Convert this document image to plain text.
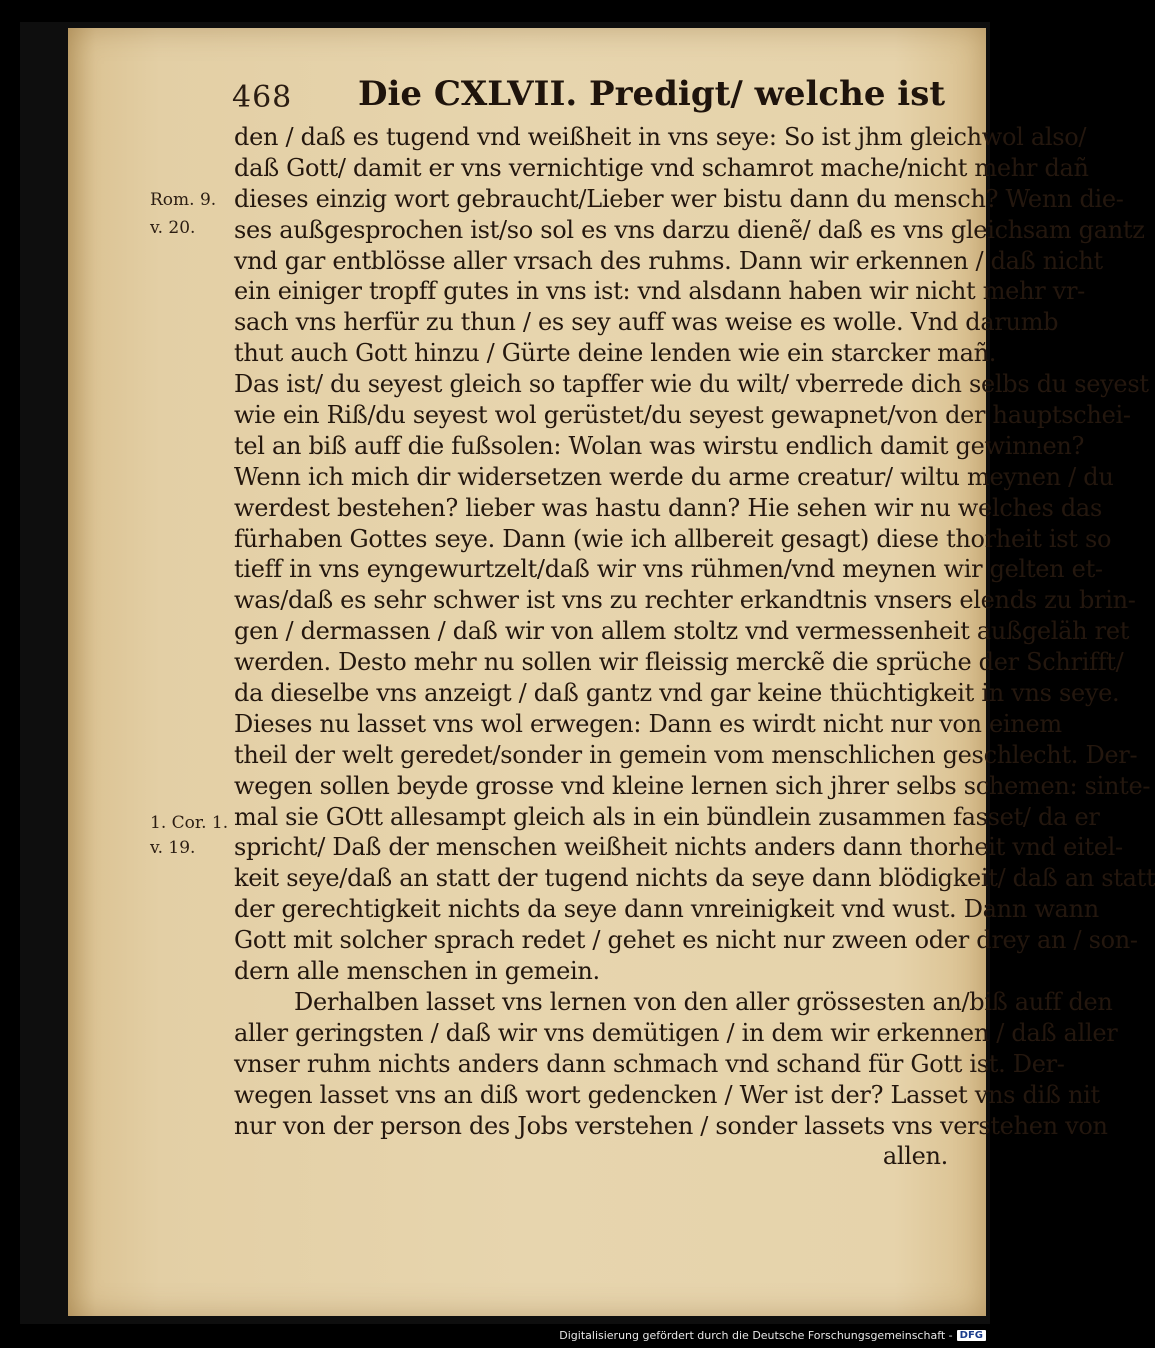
468 Die CXLVII. Predigt/ welche ist
Rom. 9.
v. 20.
1. Cor. 1.
v. 19.
den / daß es tugend vnd weißheit in vns seye: So ist jhm gleichwol also/
daß Gott/ damit er vns vernichtige vnd schamrot mache/nicht mehr dañ
dieses einzig wort gebraucht/Lieber wer bistu dann du mensch? Wenn die-
ses außgesprochen ist/so sol es vns darzu dienẽ/ daß es vns gleichsam gantz
vnd gar entblösse aller vrsach des ruhms. Dann wir erkennen / daß nicht
ein einiger tropff gutes in vns ist: vnd alsdann haben wir nicht mehr vr-
sach vns herfür zu thun / es sey auff was weise es wolle. Vnd darumb
thut auch Gott hinzu / Gürte deine lenden wie ein starcker mañ.
Das ist/ du seyest gleich so tapffer wie du wilt/ vberrede dich selbs du seyest
wie ein Riß/du seyest wol gerüstet/du seyest gewapnet/von der hauptschei-
tel an biß auff die fußsolen: Wolan was wirstu endlich damit gewinnen?
Wenn ich mich dir widersetzen werde du arme creatur/ wiltu meynen / du
werdest bestehen? lieber was hastu dann? Hie sehen wir nu welches das
fürhaben Gottes seye. Dann (wie ich allbereit gesagt) diese thorheit ist so
tieff in vns eyngewurtzelt/daß wir vns rühmen/vnd meynen wir gelten et-
was/daß es sehr schwer ist vns zu rechter erkandtnis vnsers elends zu brin-
gen / dermassen / daß wir von allem stoltz vnd vermessenheit außgeläh ret
werden. Desto mehr nu sollen wir fleissig merckẽ die sprüche der Schrifft/
da dieselbe vns anzeigt / daß gantz vnd gar keine thüchtigkeit in vns seye.
Dieses nu lasset vns wol erwegen: Dann es wirdt nicht nur von einem
theil der welt geredet/sonder in gemein vom menschlichen geschlecht. Der-
wegen sollen beyde grosse vnd kleine lernen sich jhrer selbs schemen: sinte-
mal sie GOtt allesampt gleich als in ein bündlein zusammen fasset/ da er
spricht/ Daß der menschen weißheit nichts anders dann thorheit vnd eitel-
keit seye/daß an statt der tugend nichts da seye dann blödigkeit/ daß an statt
der gerechtigkeit nichts da seye dann vnreinigkeit vnd wust. Dann wann
Gott mit solcher sprach redet / gehet es nicht nur zween oder drey an / son-
dern alle menschen in gemein.
Derhalben lasset vns lernen von den aller grössesten an/biß auff den
aller geringsten / daß wir vns demütigen / in dem wir erkennen / daß aller
vnser ruhm nichts anders dann schmach vnd schand für Gott ist. Der-
wegen lasset vns an diß wort gedencken / Wer ist der? Lasset vns diß nit
nur von der person des Jobs verstehen / sonder lassets vns verstehen von
allen.
Digitalisierung gefördert durch die Deutsche Forschungsgemeinschaft - DFG
